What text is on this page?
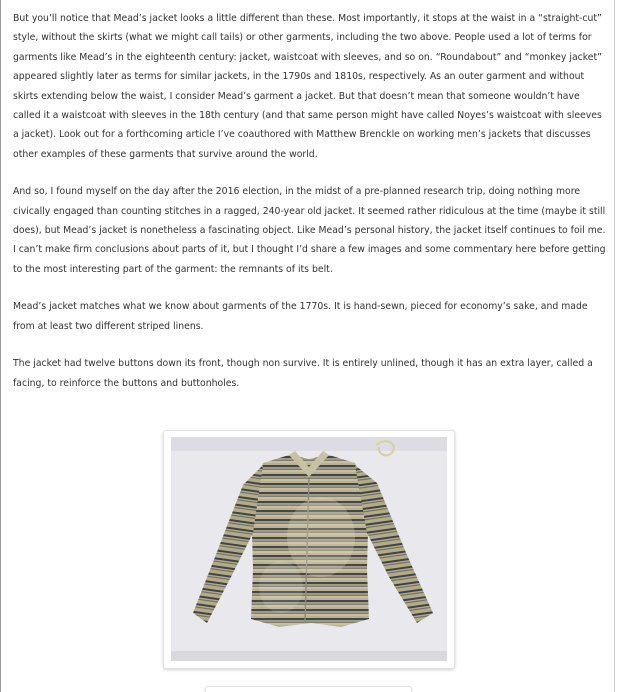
But you’ll notice that Mead’s jacket looks a little different than these. Most importantly, it stops at the waist in a “straight-cut” style, without the skirts (what we might call tails) or other garments, including the two above. People used a lot of terms for garments like Mead’s in the eighteenth century: jacket, waistcoat with sleeves, and so on. “Roundabout” and “monkey jacket” appeared slightly later as terms for similar jackets, in the 1790s and 1810s, respectively. As an outer garment and without skirts extending below the waist, I consider Mead’s garment a jacket. But that doesn’t mean that someone wouldn’t have called it a waistcoat with sleeves in the 18th century (and that same person might have called Noyes’s waistcoat with sleeves a jacket). Look out for a forthcoming article I’ve coauthored with Matthew Brenckle on working men’s jackets that discusses other examples of these garments that survive around the world.

And so, I found myself on the day after the 2016 election, in the midst of a pre-planned research trip, doing nothing more civically engaged than counting stitches in a ragged, 240-year old jacket. It seemed rather ridiculous at the time (maybe it still does), but Mead’s jacket is nonetheless a fascinating object. Like Mead’s personal history, the jacket itself continues to foil me. I can’t make firm conclusions about parts of it, but I thought I’d share a few images and some commentary here before getting to the most interesting part of the garment: the remnants of its belt.

Mead’s jacket matches what we know about garments of the 1770s. It is hand-sewn, pieced for economy’s sake, and made from at least two different striped linens.

The jacket had twelve buttons down its front, though non survive. It is entirely unlined, though it has an extra layer, called a facing, to reinforce the buttons and buttonholes.
